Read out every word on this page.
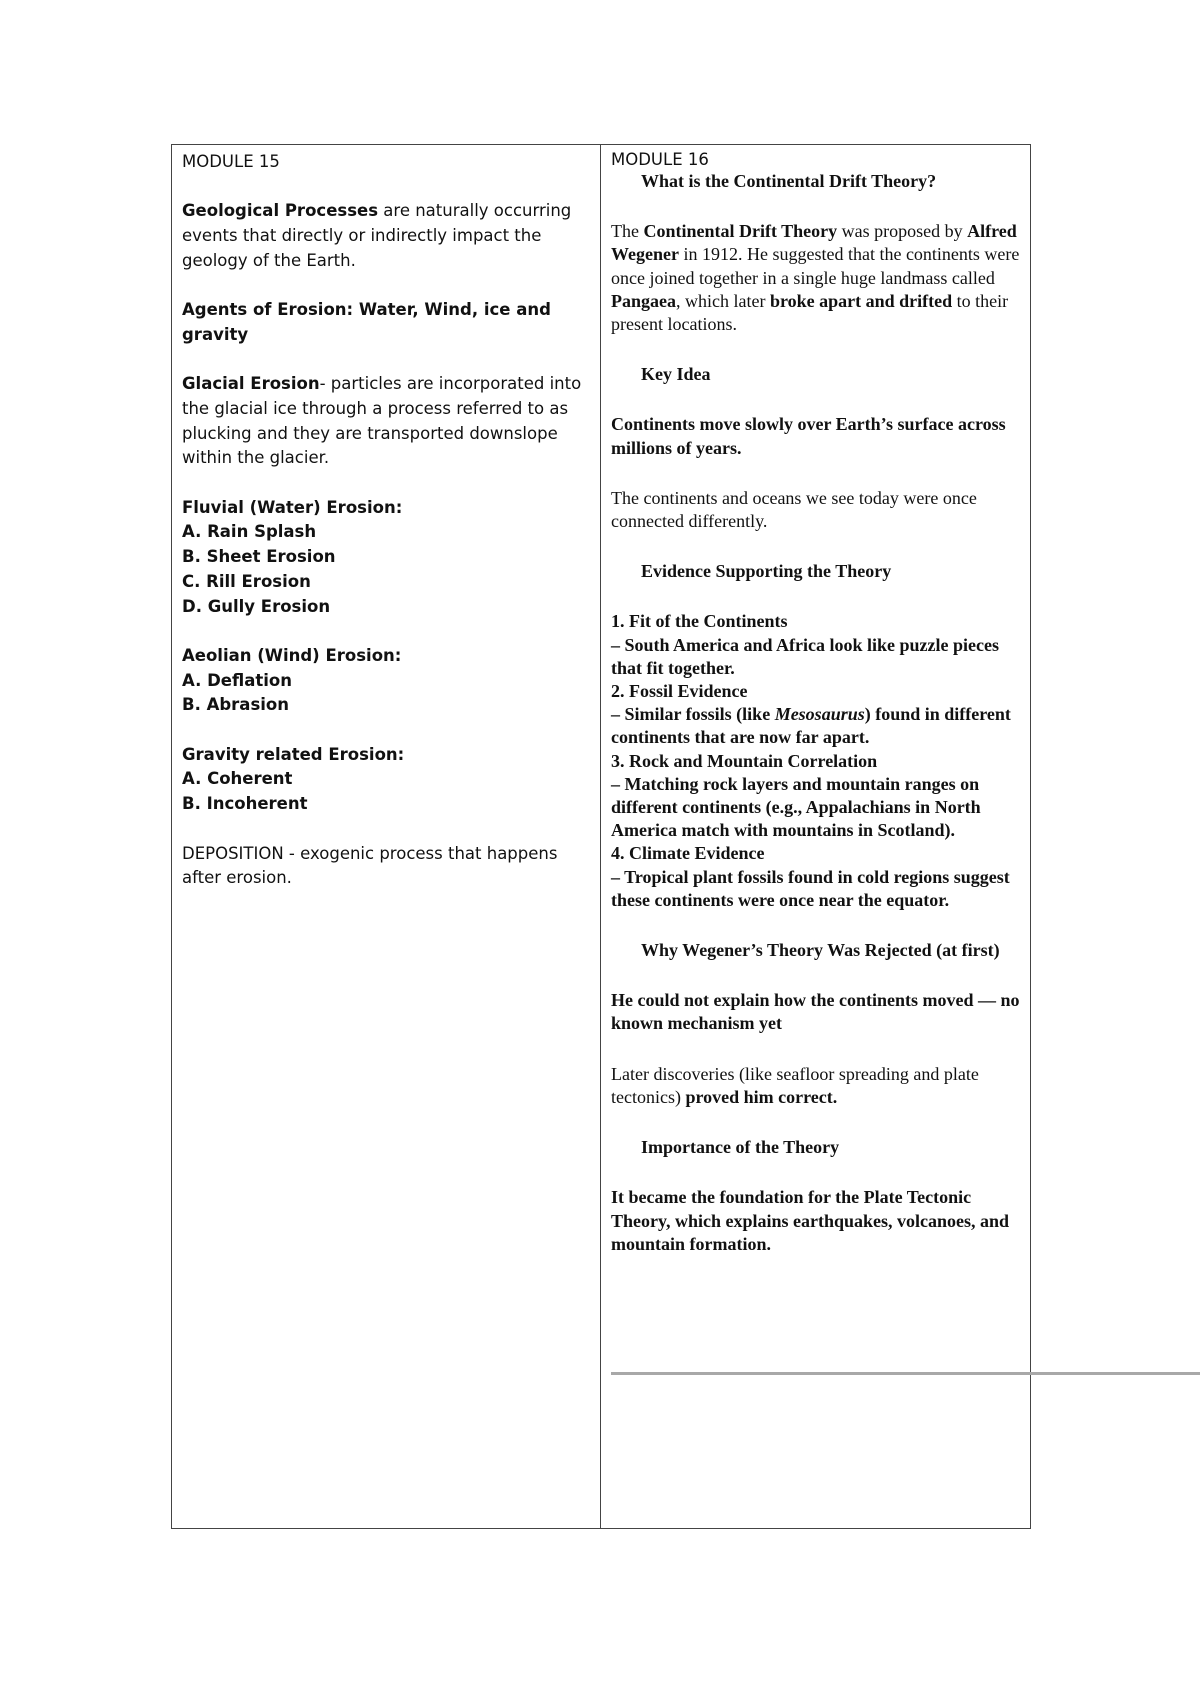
MODULE 15

Geological Processes are naturally occurring events that directly or indirectly impact the geology of the Earth.

Agents of Erosion: Water, Wind, ice and gravity

Glacial Erosion- particles are incorporated into the glacial ice through a process referred to as plucking and they are transported downslope within the glacier.

Fluvial (Water) Erosion:

A. Rain Splash

B. Sheet Erosion

C. Rill Erosion

D. Gully Erosion

Aeolian (Wind) Erosion:

A. Deflation

B. Abrasion

Gravity related Erosion:

A. Coherent

B. Incoherent

DEPOSITION - exogenic process that happens after erosion.

MODULE 16

What is the Continental Drift Theory?

The Continental Drift Theory was proposed by Alfred Wegener in 1912. He suggested that the continents were once joined together in a single huge landmass called Pangaea, which later broke apart and drifted to their present locations.

Key Idea

Continents move slowly over Earth’s surface across millions of years.

The continents and oceans we see today were once connected differently.

Evidence Supporting the Theory

1. Fit of the Continents

– South America and Africa look like puzzle pieces that fit together.

2. Fossil Evidence

– Similar fossils (like Mesosaurus) found in different continents that are now far apart.

3. Rock and Mountain Correlation

– Matching rock layers and mountain ranges on different continents (e.g., Appalachians in North America match with mountains in Scotland).

4. Climate Evidence

– Tropical plant fossils found in cold regions suggest these continents were once near the equator.

Why Wegener’s Theory Was Rejected (at first)

He could not explain how the continents moved — no known mechanism yet

Later discoveries (like seafloor spreading and plate tectonics) proved him correct.

Importance of the Theory

It became the foundation for the Plate Tectonic Theory, which explains earthquakes, volcanoes, and mountain formation.
